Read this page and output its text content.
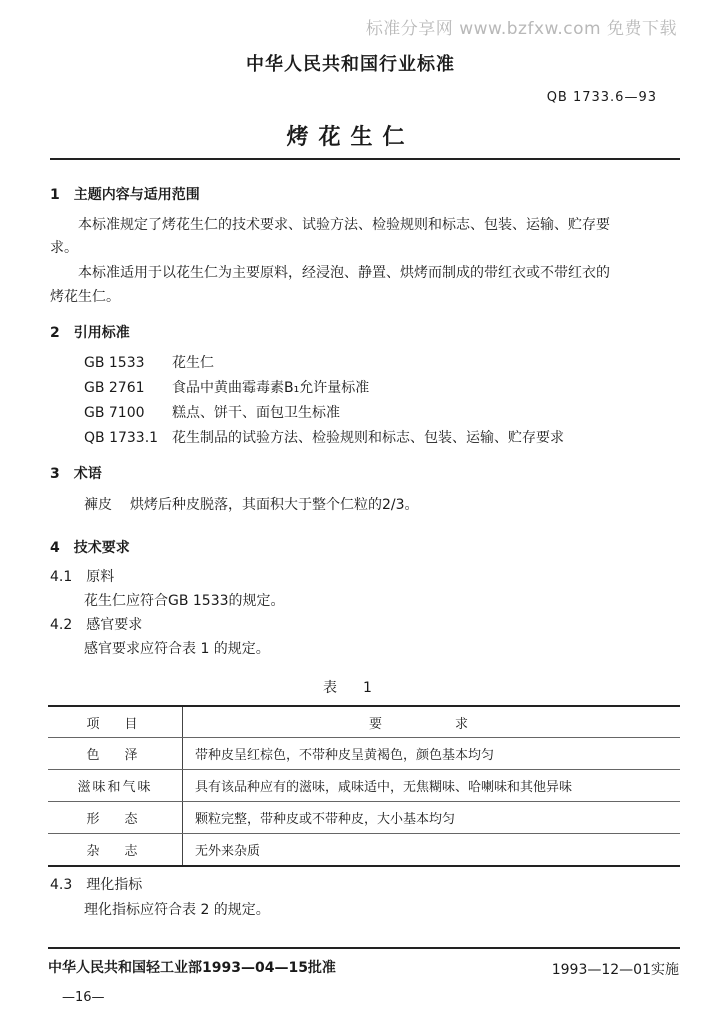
标准分享网 www.bzfxw.com 免费下载
中华人民共和国行业标准
QB 1733.6—93
烤花生仁
1　主题内容与适用范围
本标准规定了烤花生仁的技术要求、试验方法、检验规则和标志、包装、运输、贮存要
求。
本标准适用于以花生仁为主要原料，经浸泡、静置、烘烤而制成的带红衣或不带红衣的
烤花生仁。
2　引用标准
GB 1533 花生仁
GB 2761 食品中黄曲霉毒素B₁允许量标准
GB 7100 糕点、饼干、面包卫生标准
QB 1733.1 花生制品的试验方法、检验规则和标志、包装、运输、贮存要求
3　术语
褲皮 烘烤后种皮脱落，其面积大于整个仁粒的2/3。
4　技术要求
4.1　原料
花生仁应符合GB 1533的规定。
4.2　感官要求
感官要求应符合表 1 的规定。
表　1
项　目	要　求
色　泽	带种皮呈红棕色，不带种皮呈黄褐色，颜色基本均匀
滋味和气味	具有该品种应有的滋味，咸味适中，无焦糊味、哈喇味和其他异味
形　态	颗粒完整，带种皮或不带种皮，大小基本均匀
杂　志	无外来杂质
4.3　理化指标
理化指标应符合表 2 的规定。
中华人民共和国轻工业部1993—04—15批准	1993—12—01实施
—16—
